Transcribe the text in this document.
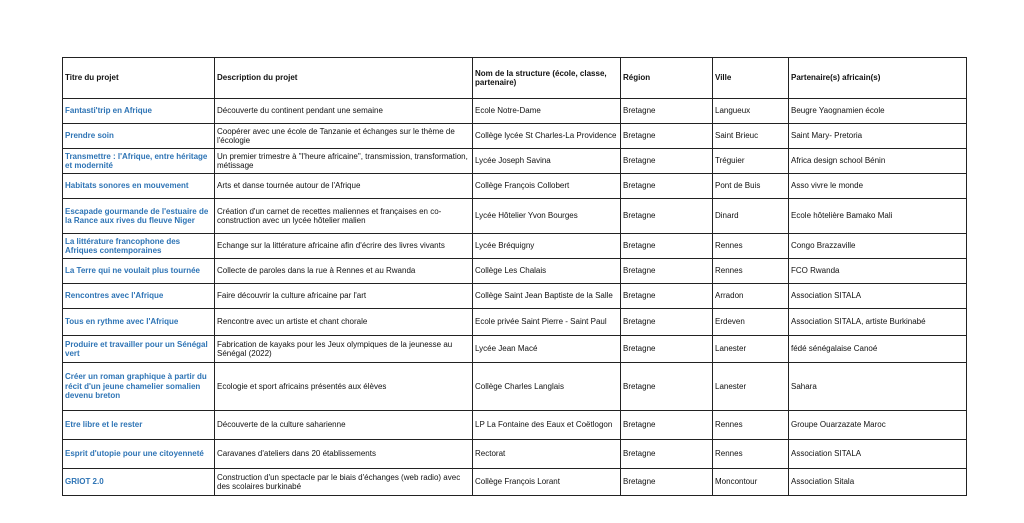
Titre du projet	Description du projet	Nom de la structure (école, classe, partenaire)	Région	Ville	Partenaire(s) africain(s)
Fantasti'trip en Afrique	Découverte du continent pendant une semaine	Ecole Notre-Dame	Bretagne	Langueux	Beugre Yaognamien école
Prendre soin	Coopérer avec une école de Tanzanie et échanges sur le thème de l'écologie	Collège lycée St Charles-La Providence	Bretagne	Saint Brieuc	Saint Mary- Pretoria
Transmettre : l'Afrique, entre héritage et modernité	Un premier trimestre à "l'heure africaine", transmission, transformation, métissage	Lycée Joseph Savina	Bretagne	Tréguier	Africa design school Bénin
Habitats sonores en mouvement	Arts et danse tournée autour de l'Afrique	Collège François Collobert	Bretagne	Pont de Buis	Asso vivre le monde
Escapade gourmande de l'estuaire de la Rance aux rives du fleuve Niger	Création d'un carnet de recettes maliennes et françaises en co-construction avec un lycée hôtelier malien	Lycée Hôtelier Yvon Bourges	Bretagne	Dinard	Ecole hôtelière Bamako Mali
La littérature francophone des Afriques contemporaines	Echange sur la littérature africaine afin d'écrire des livres vivants	Lycée Bréquigny	Bretagne	Rennes	Congo Brazzaville
La Terre qui ne voulait plus tournée	Collecte de paroles dans la rue à Rennes et au Rwanda	Collège Les Chalais	Bretagne	Rennes	FCO Rwanda
Rencontres avec l'Afrique	Faire découvrir la culture africaine par l'art	Collège Saint Jean Baptiste de la Salle	Bretagne	Arradon	Association SITALA
Tous en rythme avec l'Afrique	Rencontre avec un artiste et chant chorale	Ecole privée Saint Pierre - Saint Paul	Bretagne	Erdeven	Association SITALA, artiste Burkinabé
Produire et travailler pour un Sénégal vert	Fabrication de kayaks pour les Jeux olympiques de la jeunesse au Sénégal (2022)	Lycée Jean Macé	Bretagne	Lanester	fédé sénégalaise Canoé
Créer un roman graphique à partir du récit d'un jeune chamelier somalien devenu breton	Ecologie et sport africains présentés aux élèves	Collège Charles Langlais	Bretagne	Lanester	Sahara
Etre libre et le rester	Découverte de la culture saharienne	LP La Fontaine des Eaux et Coëtlogon	Bretagne	Rennes	Groupe Ouarzazate Maroc
Esprit d'utopie pour une citoyenneté	Caravanes d'ateliers dans 20 établissements	Rectorat	Bretagne	Rennes	Association SITALA
GRIOT 2.0	Construction d'un spectacle par le biais d'échanges (web radio) avec des scolaires burkinabé	Collège François Lorant	Bretagne	Moncontour	Association Sitala
